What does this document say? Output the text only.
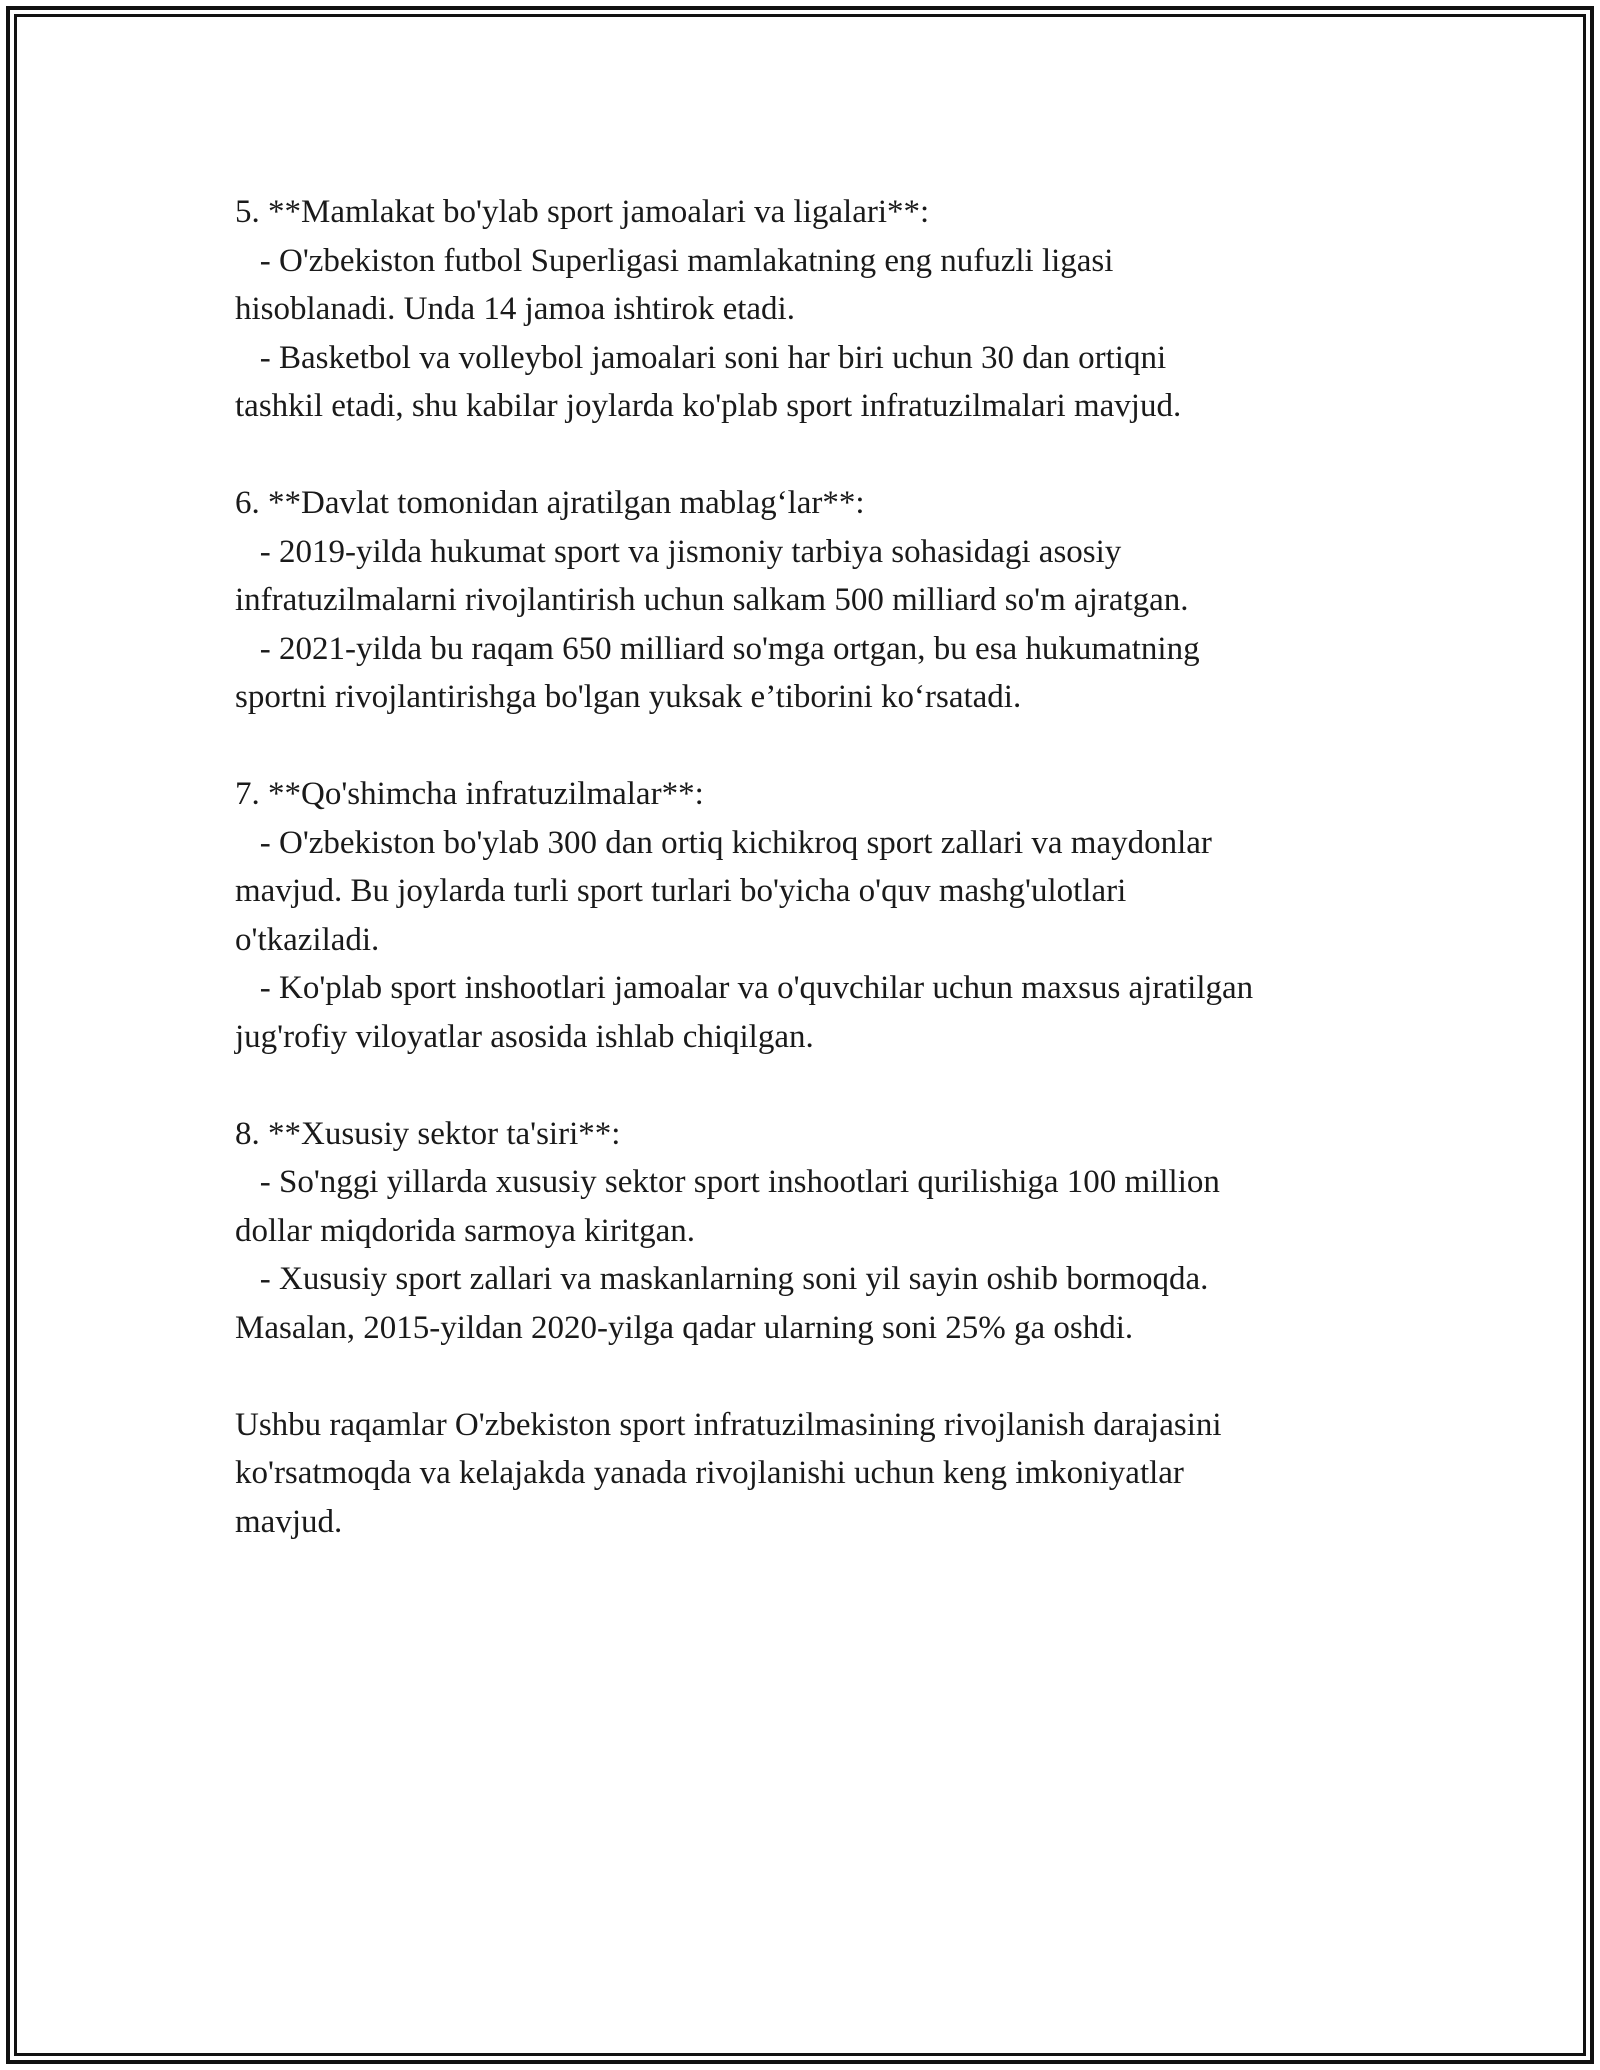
5. **Mamlakat bo'ylab sport jamoalari va ligalari**:
- O'zbekiston futbol Superligasi mamlakatning eng nufuzli ligasi
hisoblanadi. Unda 14 jamoa ishtirok etadi.
- Basketbol va volleybol jamoalari soni har biri uchun 30 dan ortiqni
tashkil etadi, shu kabilar joylarda ko'plab sport infratuzilmalari mavjud.
6. **Davlat tomonidan ajratilgan mablag‘lar**:
- 2019-yilda hukumat sport va jismoniy tarbiya sohasidagi asosiy
infratuzilmalarni rivojlantirish uchun salkam 500 milliard so'm ajratgan.
- 2021-yilda bu raqam 650 milliard so'mga ortgan, bu esa hukumatning
sportni rivojlantirishga bo'lgan yuksak e’tiborini ko‘rsatadi.
7. **Qo'shimcha infratuzilmalar**:
- O'zbekiston bo'ylab 300 dan ortiq kichikroq sport zallari va maydonlar
mavjud. Bu joylarda turli sport turlari bo'yicha o'quv mashg'ulotlari
o'tkaziladi.
- Ko'plab sport inshootlari jamoalar va o'quvchilar uchun maxsus ajratilgan
jug'rofiy viloyatlar asosida ishlab chiqilgan.
8. **Xususiy sektor ta'siri**:
- So'nggi yillarda xususiy sektor sport inshootlari qurilishiga 100 million
dollar miqdorida sarmoya kiritgan.
- Xususiy sport zallari va maskanlarning soni yil sayin oshib bormoqda.
Masalan, 2015-yildan 2020-yilga qadar ularning soni 25% ga oshdi.
Ushbu raqamlar O'zbekiston sport infratuzilmasining rivojlanish darajasini
ko'rsatmoqda va kelajakda yanada rivojlanishi uchun keng imkoniyatlar
mavjud.
